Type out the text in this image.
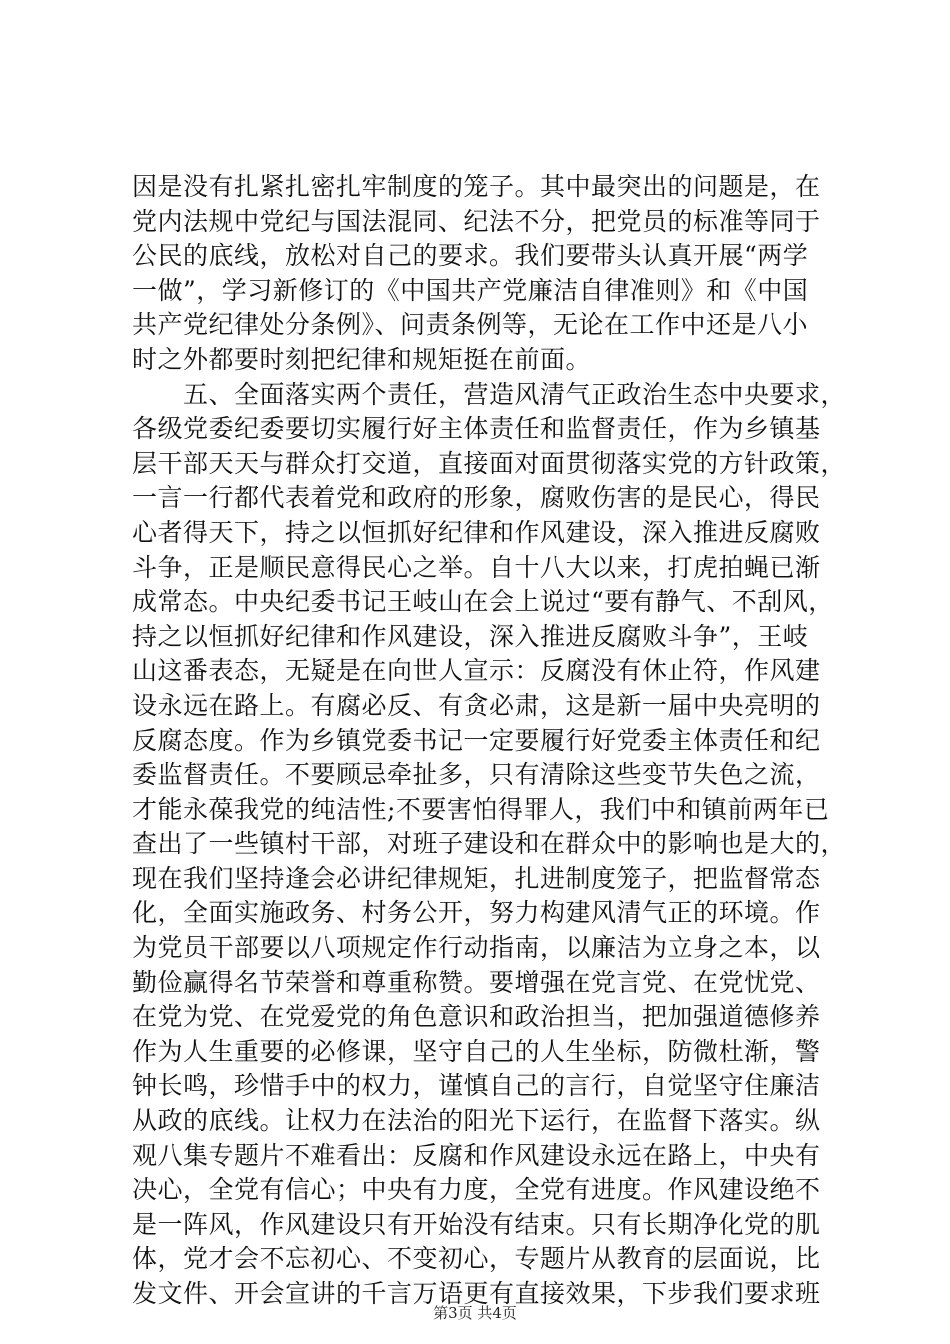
因是没有扎紧扎密扎牢制度的笼子。其中最突出的问题是，在
党内法规中党纪与国法混同、纪法不分，把党员的标准等同于
公民的底线，放松对自己的要求。我们要带头认真开展“两学
一做”，学习新修订的《中国共产党廉洁自律准则》和《中国
共产党纪律处分条例》、问责条例等，无论在工作中还是八小
时之外都要时刻把纪律和规矩挺在前面。
　　五、全面落实两个责任，营造风清气正政治生态中央要求，
各级党委纪委要切实履行好主体责任和监督责任，作为乡镇基
层干部天天与群众打交道，直接面对面贯彻落实党的方针政策，
一言一行都代表着党和政府的形象，腐败伤害的是民心，得民
心者得天下，持之以恒抓好纪律和作风建设，深入推进反腐败
斗争，正是顺民意得民心之举。自十八大以来，打虎拍蝇已渐
成常态。中央纪委书记王岐山在会上说过“要有静气、不刮风，
持之以恒抓好纪律和作风建设，深入推进反腐败斗争”，王岐
山这番表态，无疑是在向世人宣示：反腐没有休止符，作风建
设永远在路上。有腐必反、有贪必肃，这是新一届中央亮明的
反腐态度。作为乡镇党委书记一定要履行好党委主体责任和纪
委监督责任。不要顾忌牵扯多，只有清除这些变节失色之流，
才能永葆我党的纯洁性;不要害怕得罪人，我们中和镇前两年已
查出了一些镇村干部，对班子建设和在群众中的影响也是大的，
现在我们坚持逢会必讲纪律规矩，扎进制度笼子，把监督常态
化，全面实施政务、村务公开，努力构建风清气正的环境。作
为党员干部要以八项规定作行动指南，以廉洁为立身之本，以
勤俭赢得名节荣誉和尊重称赞。要增强在党言党、在党忧党、
在党为党、在党爱党的角色意识和政治担当，把加强道德修养
作为人生重要的必修课，坚守自己的人生坐标，防微杜渐，警
钟长鸣，珍惜手中的权力，谨慎自己的言行，自觉坚守住廉洁
从政的底线。让权力在法治的阳光下运行，在监督下落实。纵
观八集专题片不难看出：反腐和作风建设永远在路上，中央有
决心，全党有信心；中央有力度，全党有进度。作风建设绝不
是一阵风，作风建设只有开始没有结束。只有长期净化党的肌
体，党才会不忘初心、不变初心，专题片从教育的层面说，比
发文件、开会宣讲的千言万语更有直接效果，下步我们要求班
第3页 共4页
